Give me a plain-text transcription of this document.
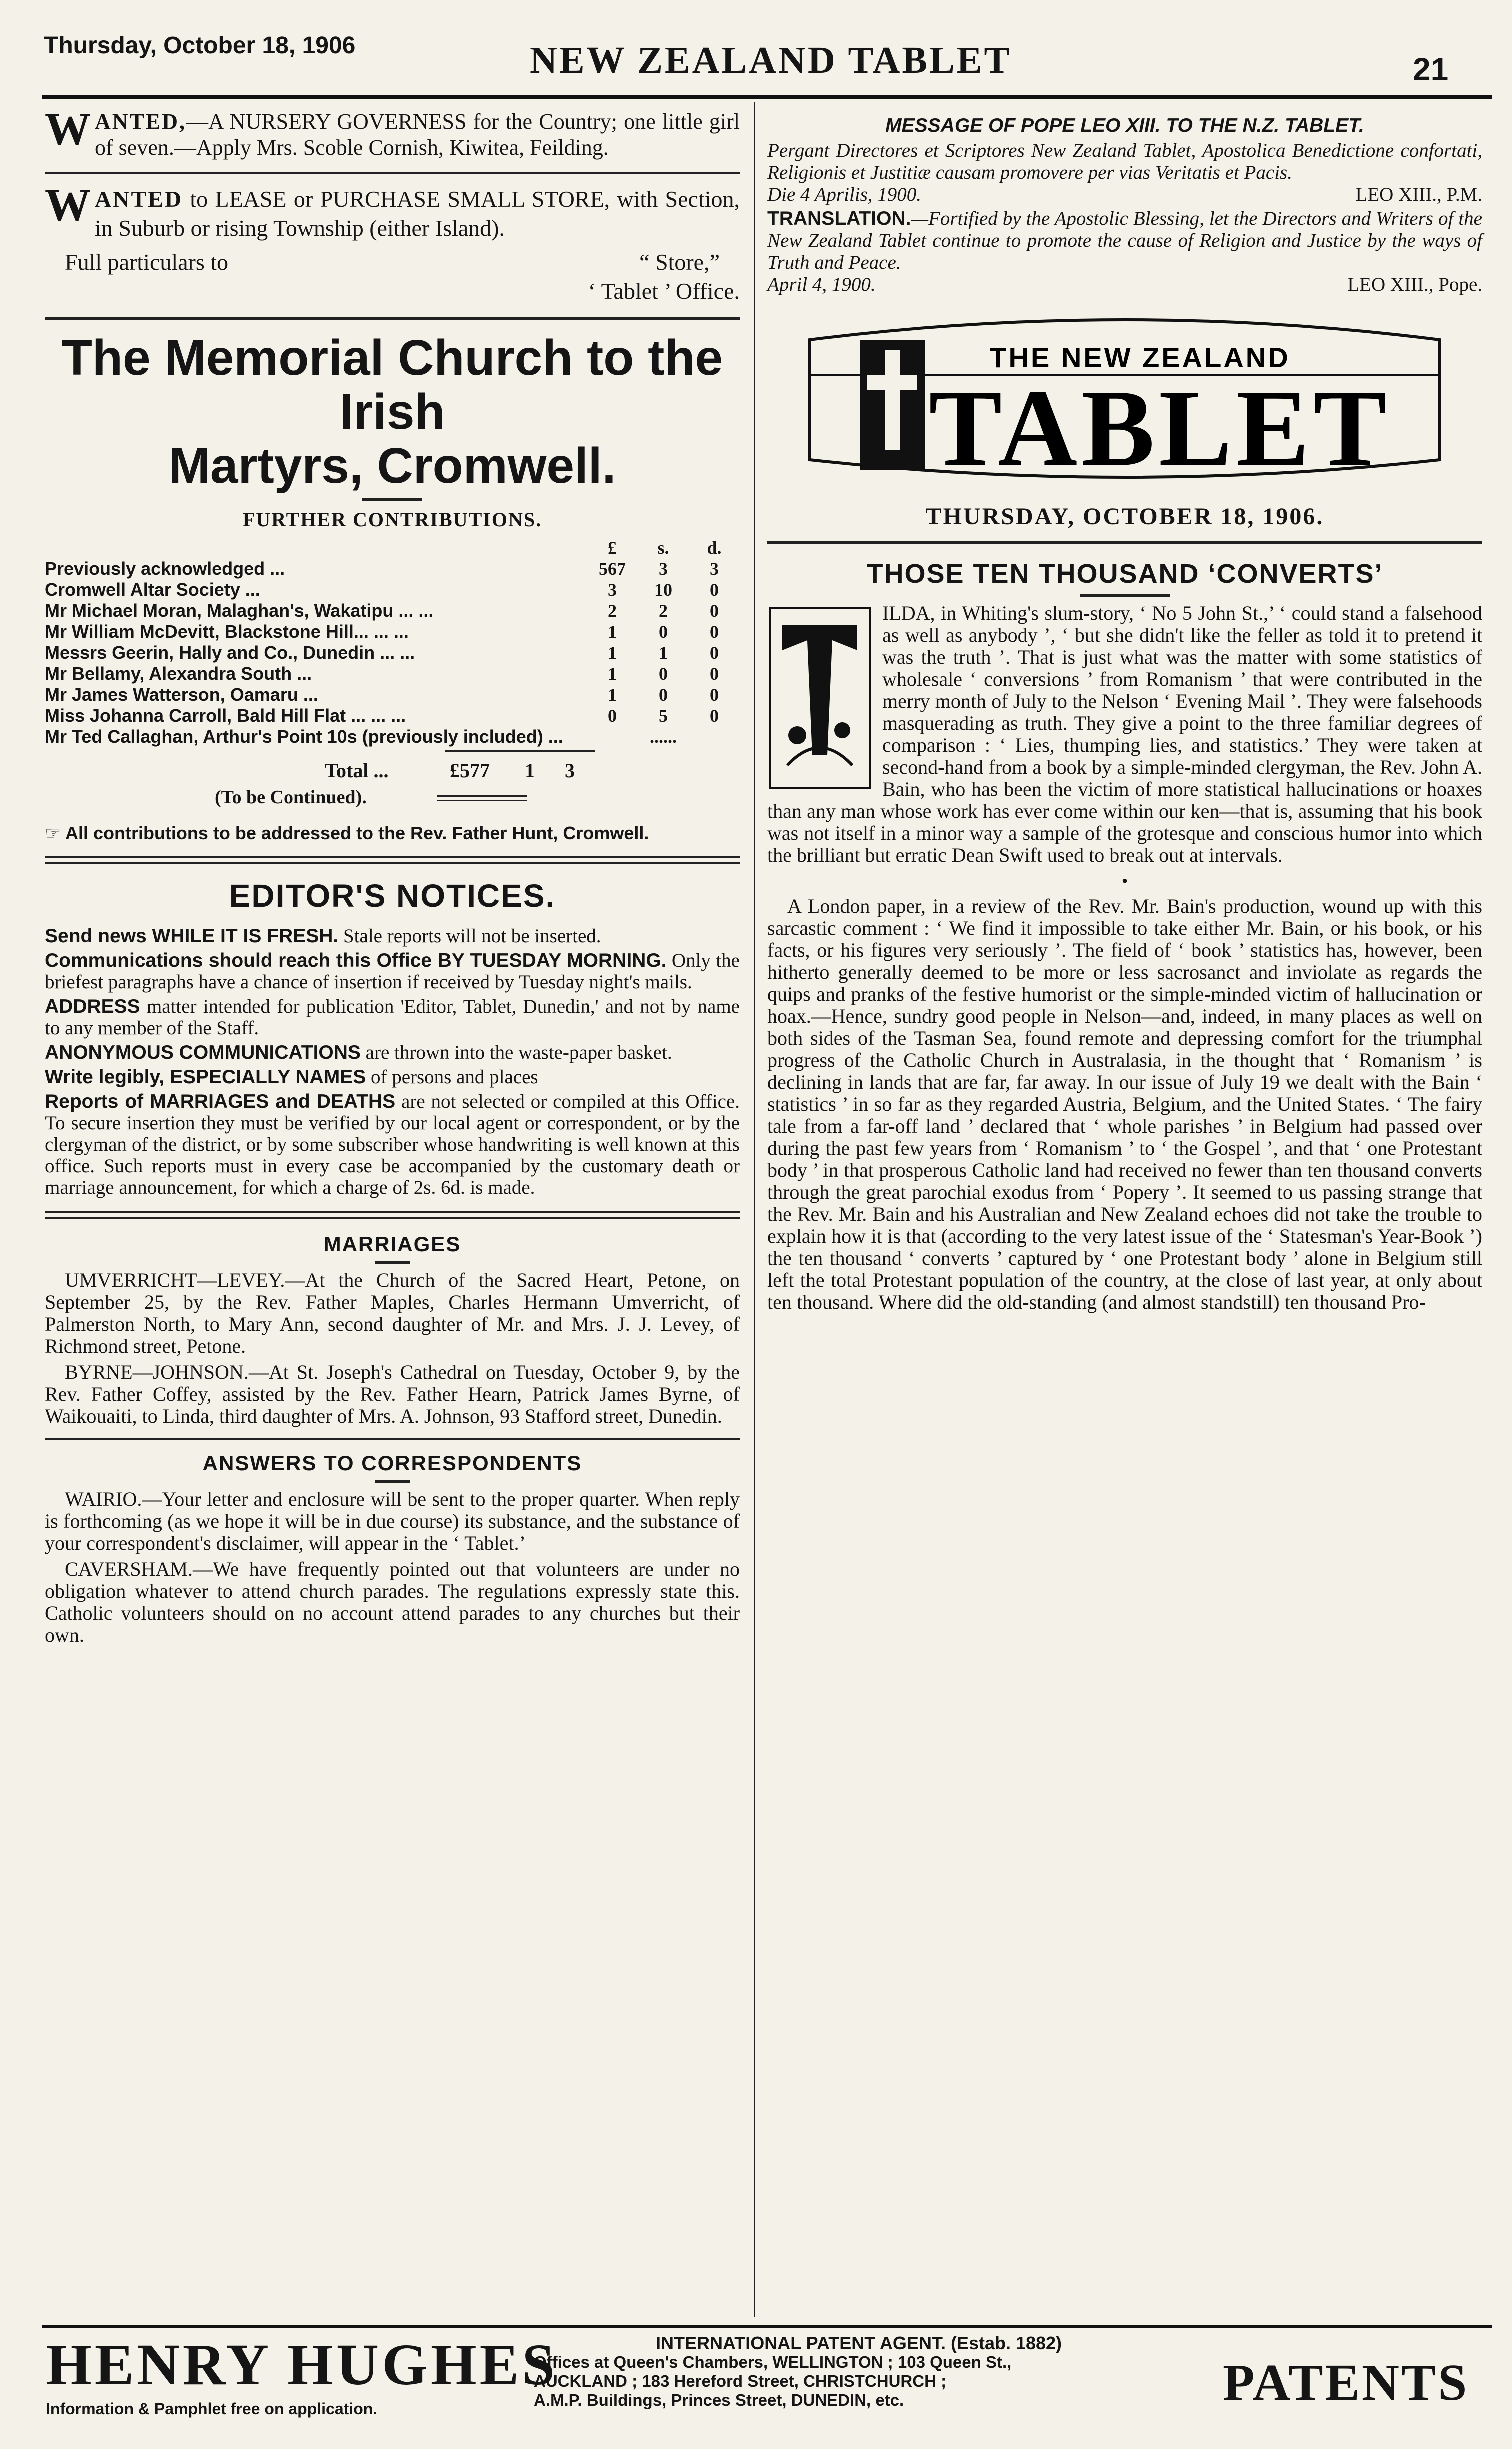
Thursday, October 18, 1906	NEW ZEALAND TABLET	21
W ANTED,—A NURSERY GOVERNESS for the Country; one little girl of seven.—Apply Mrs. Scoble Cornish, Kiwitea, Feilding.
W ANTED to LEASE or PURCHASE SMALL STORE, with Section, in Suburb or rising Township (either Island).
Full particulars to	“ Store,”
‘ Tablet ’ Office.
The Memorial Church to the Irish
Martyrs, Cromwell.
FURTHER CONTRIBUTIONS.
	£	s.	d.
Previously acknowledged ...	567	3	3
Cromwell Altar Society ...	3	10	0
Mr Michael Moran, Malaghan's, Wakatipu ... ...	2	2	0
Mr William McDevitt, Blackstone Hill... ... ...	1	0	0
Messrs Geerin, Hally and Co., Dunedin ... ...	1	1	0
Mr Bellamy, Alexandra South ...	1	0	0
Mr James Watterson, Oamaru ...	1	0	0
Miss Johanna Carroll, Bald Hill Flat ... ... ...	0	5	0
Mr Ted Callaghan, Arthur's Point 10s (previously included) ...		......	
Total ...	£577	1	3
(To be Continued).

☞ All contributions to be addressed to the Rev. Father Hunt, Cromwell.

EDITOR'S NOTICES.

Send news WHILE IT IS FRESH. Stale reports will not be inserted.

Communications should reach this Office BY TUESDAY MORNING. Only the briefest paragraphs have a chance of insertion if received by Tuesday night's mails.

ADDRESS matter intended for publication 'Editor, Tablet, Dunedin,' and not by name to any member of the Staff.

ANONYMOUS COMMUNICATIONS are thrown into the waste-paper basket.

Write legibly, ESPECIALLY NAMES of persons and places

Reports of MARRIAGES and DEATHS are not selected or compiled at this Office. To secure insertion they must be verified by our local agent or correspondent, or by the clergyman of the district, or by some subscriber whose handwriting is well known at this office. Such reports must in every case be accompanied by the customary death or marriage announcement, for which a charge of 2s. 6d. is made.

MARRIAGES

UMVERRICHT—LEVEY.—At the Church of the Sacred Heart, Petone, on September 25, by the Rev. Father Maples, Charles Hermann Umverricht, of Palmerston North, to Mary Ann, second daughter of Mr. and Mrs. J. J. Levey, of Richmond street, Petone.

BYRNE—JOHNSON.—At St. Joseph's Cathedral on Tuesday, October 9, by the Rev. Father Coffey, assisted by the Rev. Father Hearn, Patrick James Byrne, of Waikouaiti, to Linda, third daughter of Mrs. A. Johnson, 93 Stafford street, Dunedin.

ANSWERS TO CORRESPONDENTS

WAIRIO.—Your letter and enclosure will be sent to the proper quarter. When reply is forthcoming (as we hope it will be in due course) its substance, and the substance of your correspondent's disclaimer, will appear in the ‘ Tablet.’

CAVERSHAM.—We have frequently pointed out that volunteers are under no obligation whatever to attend church parades. The regulations expressly state this. Catholic volunteers should on no account attend parades to any churches but their own.

MESSAGE OF POPE LEO XIII. TO THE N.Z. TABLET.

Pergant Directores et Scriptores New Zealand Tablet, Apostolica Benedictione confortati, Religionis et Justitiæ causam promovere per vias Veritatis et Pacis.

Die 4 Aprilis, 1900.	LEO XIII., P.M.

TRANSLATION.—Fortified by the Apostolic Blessing, let the Directors and Writers of the New Zealand Tablet continue to promote the cause of Religion and Justice by the ways of Truth and Peace.

April 4, 1900.	LEO XIII., Pope.

THE NEW ZEALAND
TABLET
THURSDAY, OCTOBER 18, 1906.
THOSE TEN THOUSAND ‘CONVERTS’

ILDA, in Whiting's slum-story, ‘ No 5 John St.,’ ‘ could stand a falsehood as well as anybody ’, ‘ but she didn't like the feller as told it to pretend it was the truth ’. That is just what was the matter with some statistics of wholesale ‘ conversions ’ from Romanism ’ that were contributed in the merry month of July to the Nelson ‘ Evening Mail ’. They were falsehoods masquerading as truth. They give a point to the three familiar degrees of comparison : ‘ Lies, thumping lies, and statistics.’ They were taken at second-hand from a book by a simple-minded clergyman, the Rev. John A. Bain, who has been the victim of more statistical hallucinations or hoaxes than any man whose work has ever come within our ken—that is, assuming that his book was not itself in a minor way a sample of the grotesque and conscious humor into which the brilliant but erratic Dean Swift used to break out at intervals.

•

A London paper, in a review of the Rev. Mr. Bain's production, wound up with this sarcastic comment : ‘ We find it impossible to take either Mr. Bain, or his book, or his facts, or his figures very seriously ’. The field of ‘ book ’ statistics has, however, been hitherto generally deemed to be more or less sacrosanct and inviolate as regards the quips and pranks of the festive humorist or the simple-minded victim of hallucination or hoax.—Hence, sundry good people in Nelson—and, indeed, in many places as well on both sides of the Tasman Sea, found remote and depressing comfort for the triumphal progress of the Catholic Church in Australasia, in the thought that ‘ Romanism ’ is declining in lands that are far, far away. In our issue of July 19 we dealt with the Bain ‘ statistics ’ in so far as they regarded Austria, Belgium, and the United States. ‘ The fairy tale from a far-off land ’ declared that ‘ whole parishes ’ in Belgium had passed over during the past few years from ‘ Romanism ’ to ‘ the Gospel ’, and that ‘ one Protestant body ’ in that prosperous Catholic land had received no fewer than ten thousand converts through the great parochial exodus from ‘ Popery ’. It seemed to us passing strange that the Rev. Mr. Bain and his Australian and New Zealand echoes did not take the trouble to explain how it is that (according to the very latest issue of the ‘ Statesman's Year-Book ’) the ten thousand ‘ converts ’ captured by ‘ one Protestant body ’ alone in Belgium still left the total Protestant population of the country, at the close of last year, at only about ten thousand. Where did the old-standing (and almost standstill) ten thousand Pro-

HENRY HUGHES
Information & Pamphlet free on application.
INTERNATIONAL PATENT AGENT. (Estab. 1882)
Offices at Queen's Chambers, WELLINGTON ; 103 Queen St.,
AUCKLAND ; 183 Hereford Street, CHRISTCHURCH ;
A.M.P. Buildings, Princes Street, DUNEDIN, etc.	PATENTS
